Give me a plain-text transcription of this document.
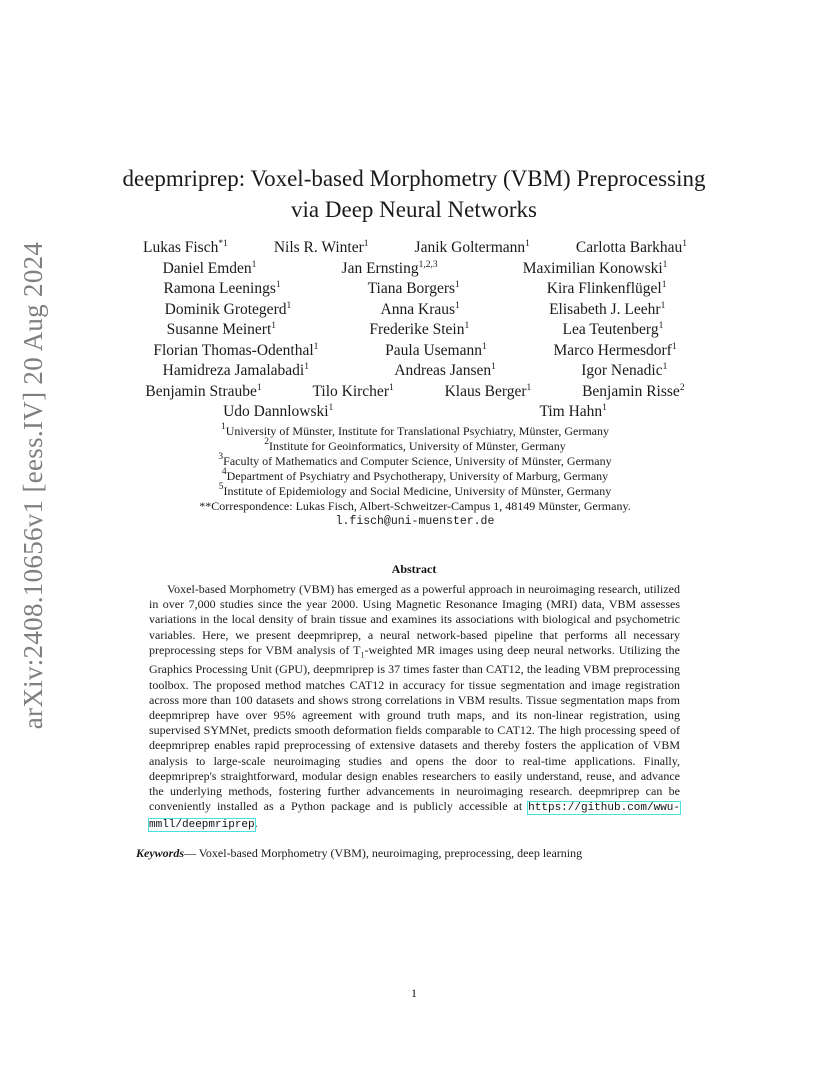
arXiv:2408.10656v1 [eess.IV] 20 Aug 2024
deepmriprep: Voxel-based Morphometry (VBM) Preprocessing
via Deep Neural Networks
Lukas Fisch$^{*1}$	Nils R. Winter$^1$	Janik Goltermann$^1$	Carlotta Barkhau$^1$
Daniel Emden$^1$	Jan Ernsting$^{1,2,3}$	Maximilian Konowski$^1$
Ramona Leenings$^1$	Tiana Borgers$^1$	Kira Flinkenflügel$^1$
Dominik Grotegerd$^1$	Anna Kraus$^1$	Elisabeth J. Leehr$^1$
Susanne Meinert$^1$	Frederike Stein$^1$	Lea Teutenberg$^1$
Florian Thomas-Odenthal$^1$	Paula Usemann$^1$	Marco Hermesdorf$^1$
Hamidreza Jamalabadi$^1$	Andreas Jansen$^1$	Igor Nenadic$^1$
Benjamin Straube$^1$	Tilo Kircher$^1$	Klaus Berger$^1$	Benjamin Risse$^2$
Udo Dannlowski$^1$	Tim Hahn$^1$
$^1$University of Münster, Institute for Translational Psychiatry, Münster, Germany
$^2$Institute for Geoinformatics, University of Münster, Germany
$^3$Faculty of Mathematics and Computer Science, University of Münster, Germany
$^4$Department of Psychiatry and Psychotherapy, University of Marburg, Germany
$^5$Institute of Epidemiology and Social Medicine, University of Münster, Germany
**Correspondence: Lukas Fisch, Albert-Schweitzer-Campus 1, 48149 Münster, Germany.
l.fisch@uni-muenster.de
Abstract
Voxel-based Morphometry (VBM) has emerged as a powerful approach in neuroimaging research, utilized in over 7,000 studies since the year 2000. Using Magnetic Resonance Imaging (MRI) data, VBM assesses variations in the local density of brain tissue and examines its associations with biological and psychometric variables. Here, we present deepmriprep, a neural network-based pipeline that performs all necessary preprocessing steps for VBM analysis of $T_1$-weighted MR images using deep neural networks. Utilizing the Graphics Processing Unit (GPU), deepmriprep is 37 times faster than CAT12, the leading VBM preprocessing toolbox. The proposed method matches CAT12 in accuracy for tissue segmentation and image registration across more than 100 datasets and shows strong correlations in VBM results. Tissue segmentation maps from deepmriprep have over 95% agreement with ground truth maps, and its non-linear registration, using supervised SYMNet, predicts smooth deformation fields comparable to CAT12. The high processing speed of deepmriprep enables rapid preprocessing of extensive datasets and thereby fosters the application of VBM analysis to large-scale neuroimaging studies and opens the door to real-time applications. Finally, deepmriprep's straightforward, modular design enables researchers to easily understand, reuse, and advance the underlying methods, fostering further advancements in neuroimaging research. deepmriprep can be conveniently installed as a Python package and is publicly accessible at https://github.com/wwu-mmll/deepmriprep.
Keywords— Voxel-based Morphometry (VBM), neuroimaging, preprocessing, deep learning
1
